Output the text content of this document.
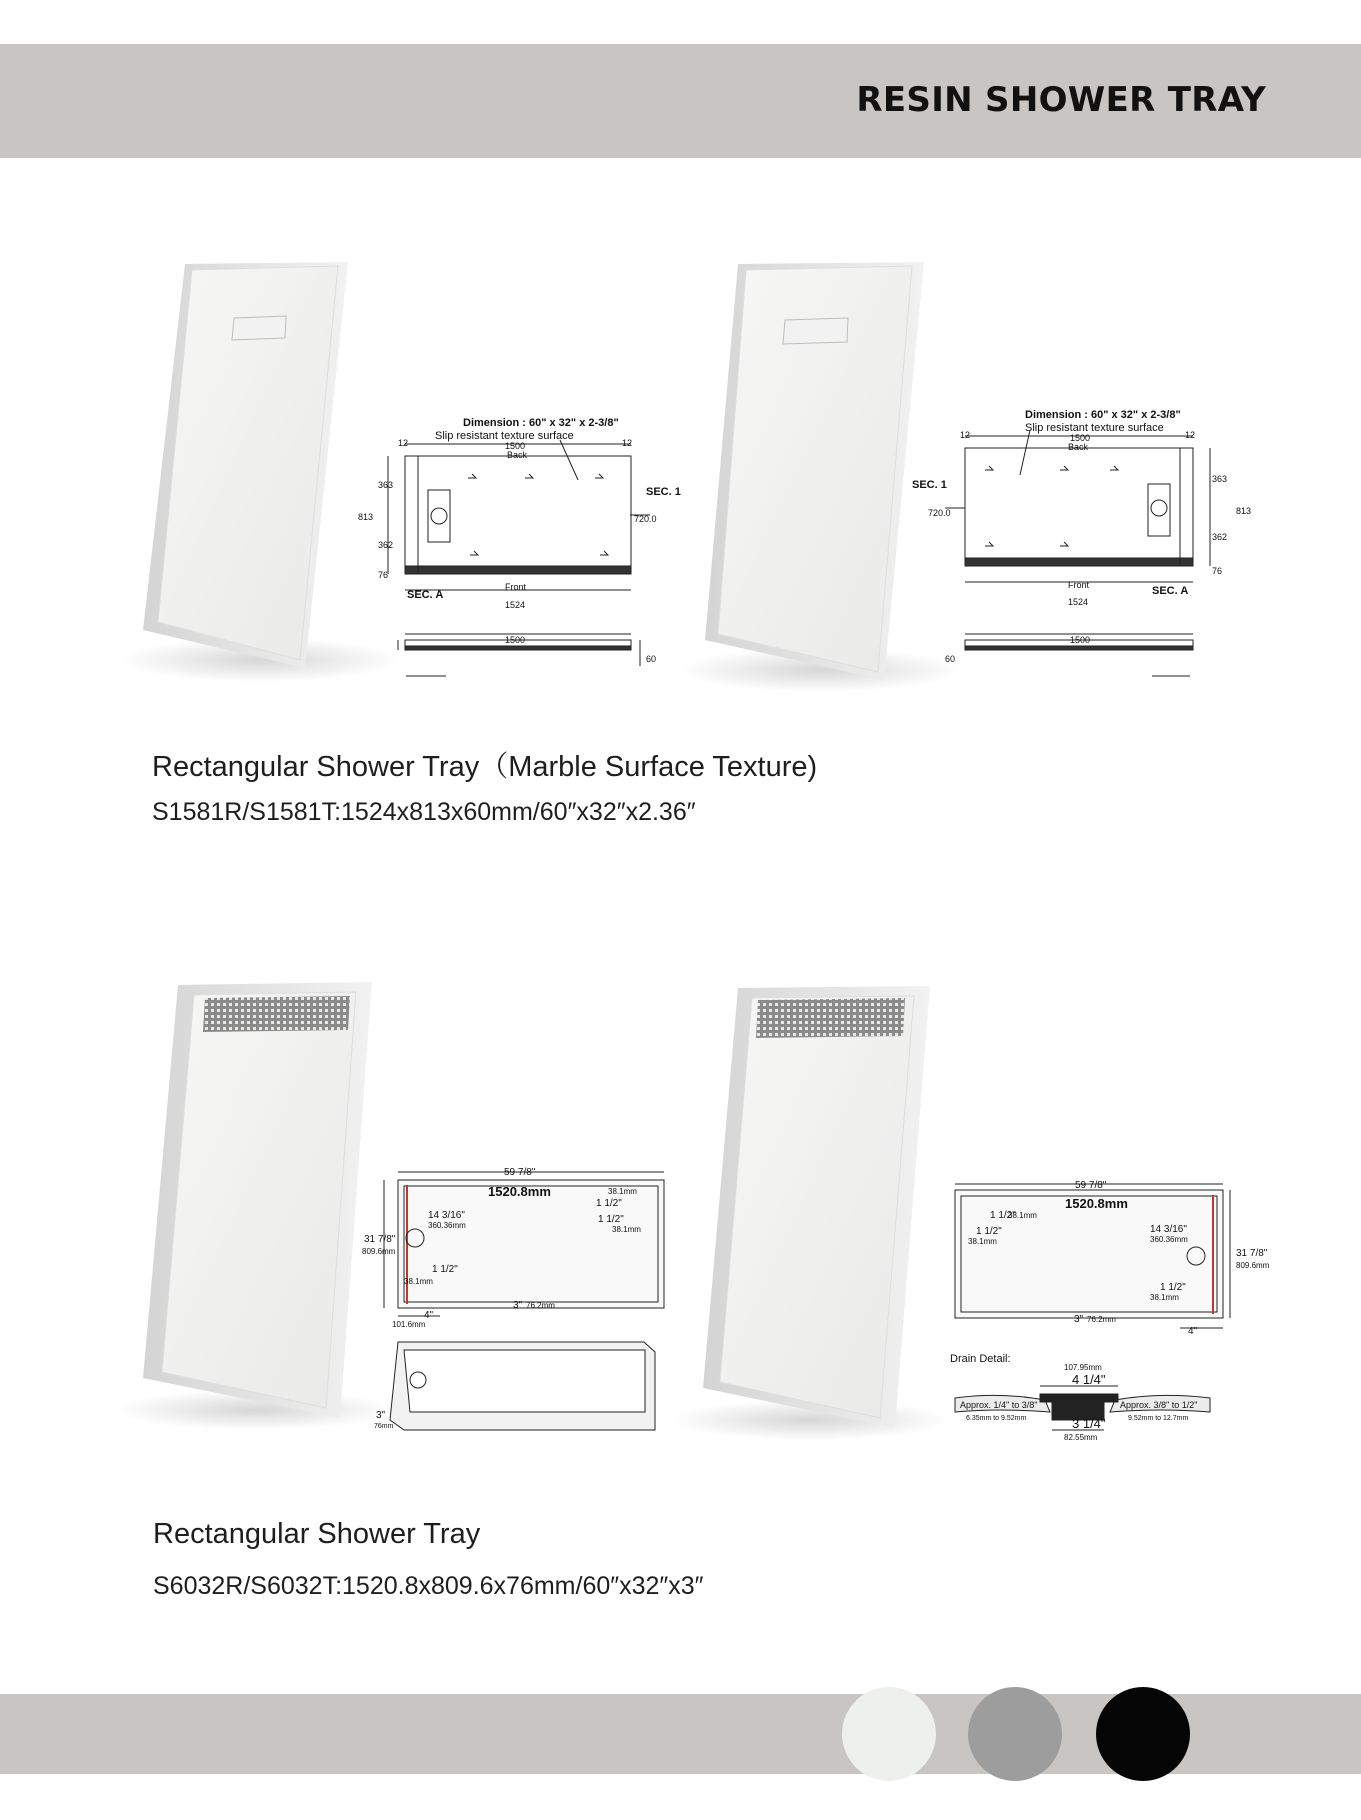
RESIN SHOWER TRAY
Dimension : 60" x 32" x 2-3/8"
Slip resistant texture surface
1500
Back
12	12
Front
1524
SEC. 1
SEC. A
813
363
362
76
720.0
1500
60
Dimension : 60" x 32" x 2-3/8"
Slip resistant texture surface
1500
Back
12	12
Front
1524
SEC. 1
SEC. A
813
363
362
76
720.0
1500
60
59 7/8"
1520.8mm
31 7/8"
809.6mm
14 3/16"
360.36mm
1 1/2"
38.1mm
38.1mm
1 1/2"
1 1/2"
38.1mm
3" 76.2mm
4"
101.6mm
3"
76mm
59 7/8"
1520.8mm
31 7/8"
809.6mm
14 3/16"
360.36mm
1 1/2"
38.1mm
1 1/2"
38.1mm
1 1/2"
38.1mm
3" 76.2mm
4"
Drain Detail:
107.95mm
4 1/4"
3 1/4"
82.55mm
Approx. 1/4" to 3/8"
6.35mm to 9.52mm
Approx. 3/8" to 1/2"
9.52mm to 12.7mm
Rectangular Shower Tray（Marble Surface Texture)
S1581R/S1581T:1524x813x60mm/60″x32″x2.36″
Rectangular Shower Tray
S6032R/S6032T:1520.8x809.6x76mm/60″x32″x3″
